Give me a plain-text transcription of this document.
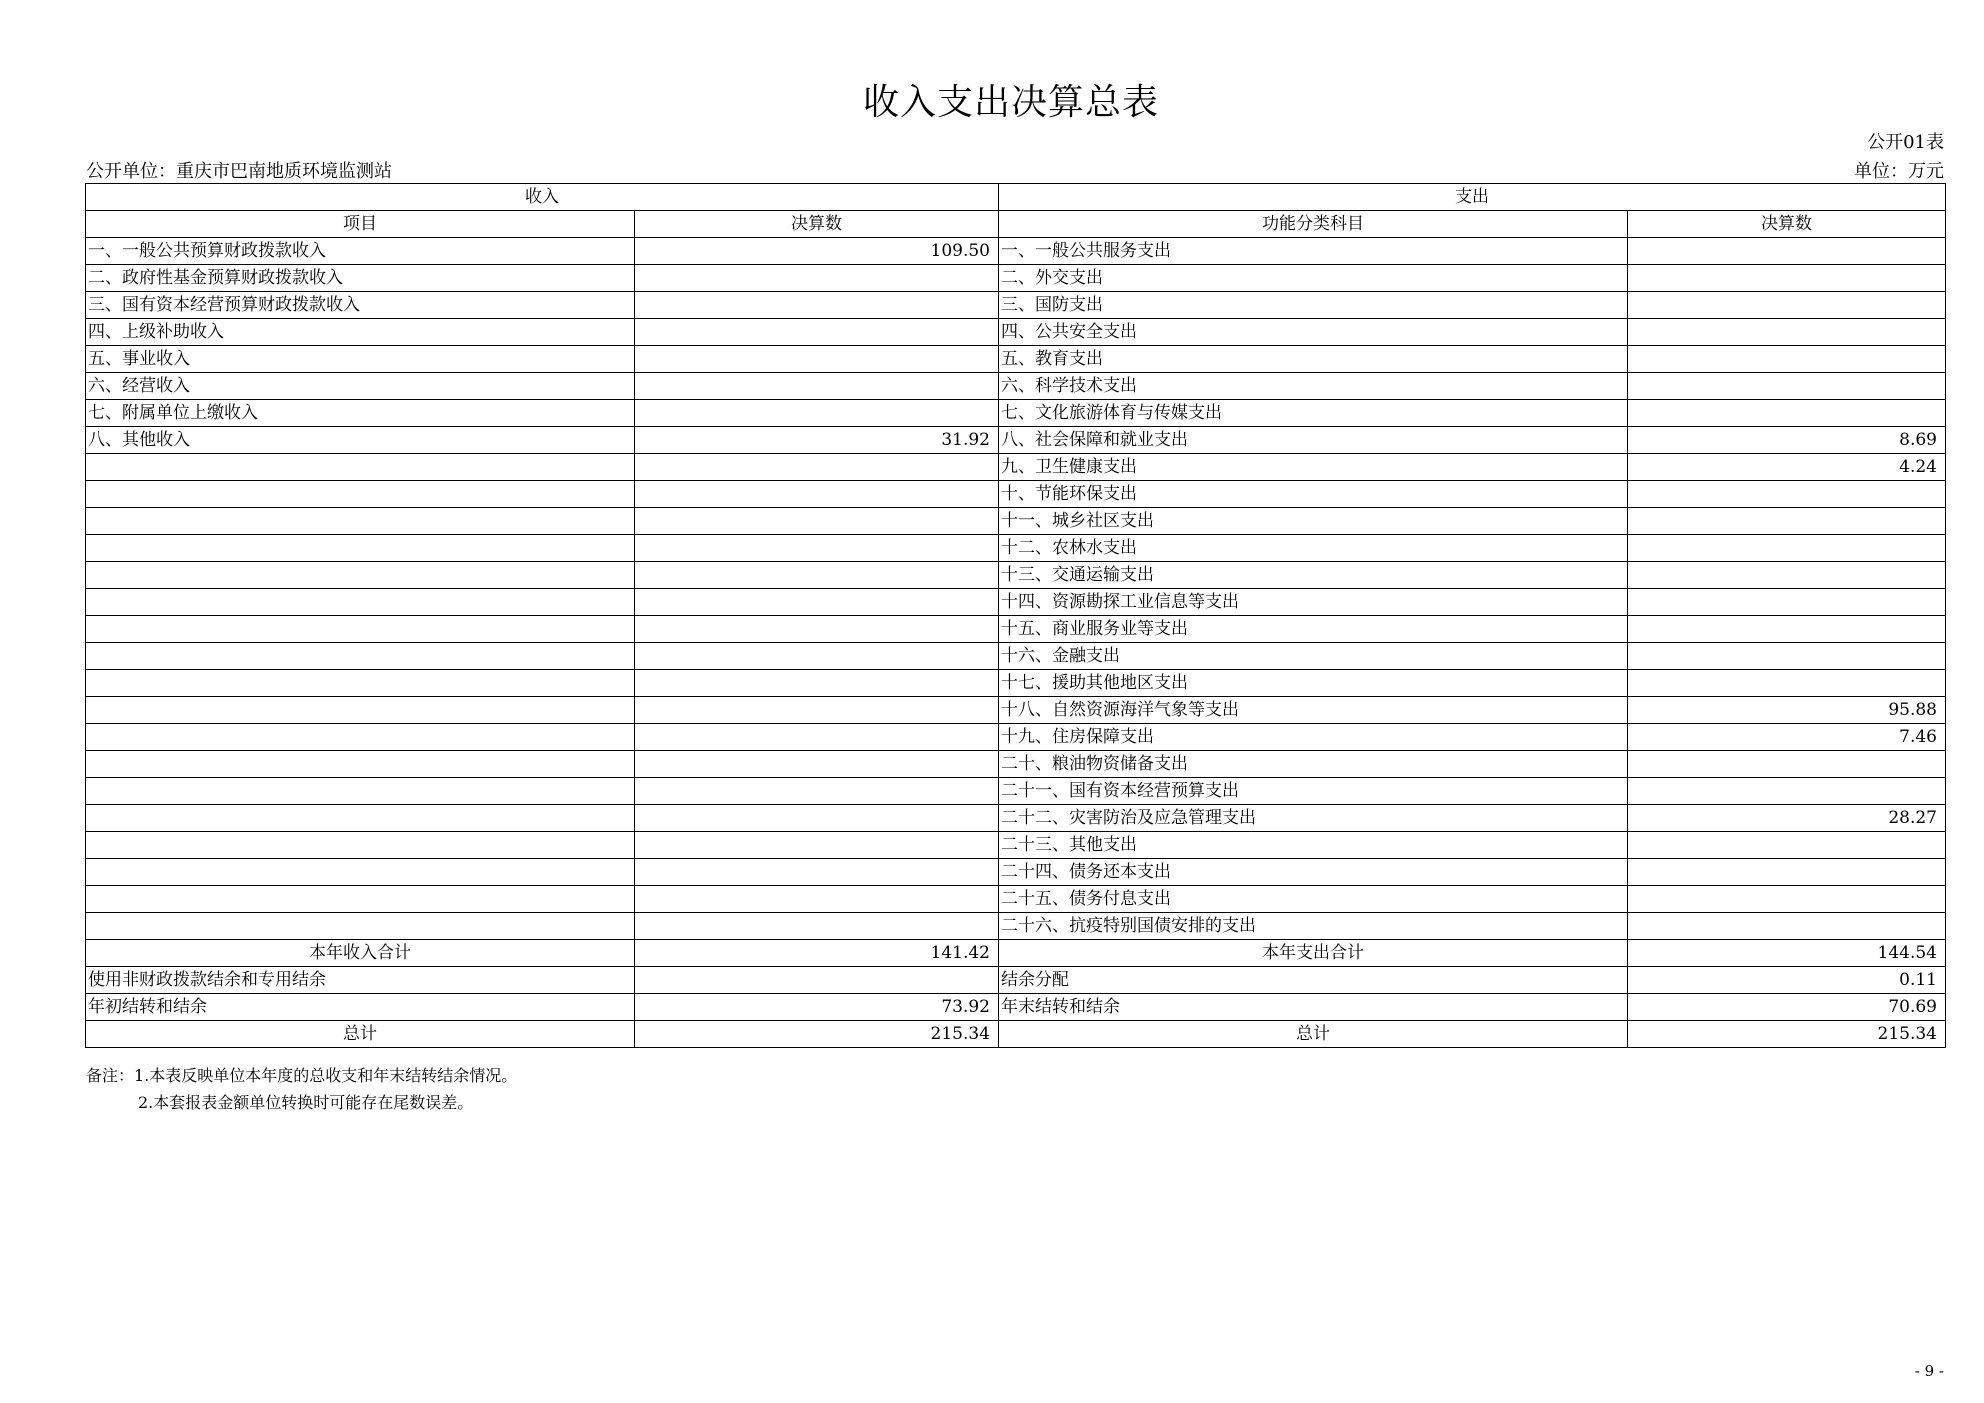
收入支出决算总表
公开01表
公开单位：重庆市巴南地质环境监测站	单位：万元
收入		支出	
项目	决算数	功能分类科目	决算数
一、一般公共预算财政拨款收入	109.50	一、一般公共服务支出	
二、政府性基金预算财政拨款收入		二、外交支出	
三、国有资本经营预算财政拨款收入		三、国防支出	
四、上级补助收入		四、公共安全支出	
五、事业收入		五、教育支出	
六、经营收入		六、科学技术支出	
七、附属单位上缴收入		七、文化旅游体育与传媒支出	
八、其他收入	31.92	八、社会保障和就业支出	8.69
		九、卫生健康支出	4.24
		十、节能环保支出	
		十一、城乡社区支出	
		十二、农林水支出	
		十三、交通运输支出	
		十四、资源勘探工业信息等支出	
		十五、商业服务业等支出	
		十六、金融支出	
		十七、援助其他地区支出	
		十八、自然资源海洋气象等支出	95.88
		十九、住房保障支出	7.46
		二十、粮油物资储备支出	
		二十一、国有资本经营预算支出	
		二十二、灾害防治及应急管理支出	28.27
		二十三、其他支出	
		二十四、债务还本支出	
		二十五、债务付息支出	
		二十六、抗疫特别国债安排的支出	
本年收入合计	141.42	本年支出合计	144.54
使用非财政拨款结余和专用结余		结余分配	0.11
年初结转和结余	73.92	年末结转和结余	70.69
总计	215.34	总计	215.34
备注：1.本表反映单位本年度的总收支和年末结转结余情况。
2.本套报表金额单位转换时可能存在尾数误差。
- 9 -
